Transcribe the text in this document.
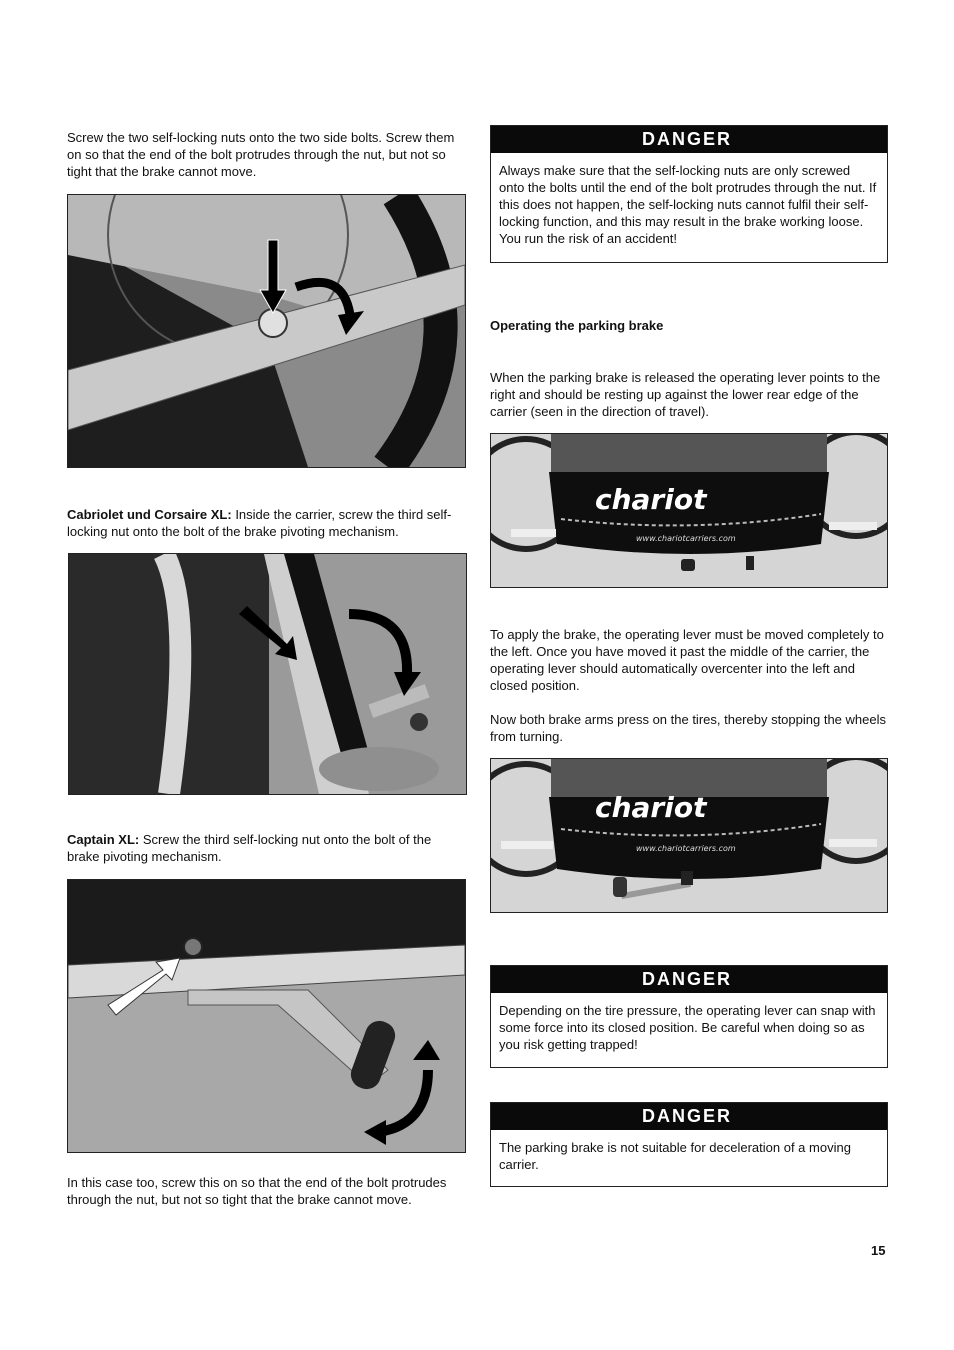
Screw the two self-locking nuts onto the two side bolts. Screw them on so that the end of the bolt protrudes through the nut, but not so tight that the brake cannot move.

Cabriolet und Corsaire XL: Inside the carrier, screw the third self-locking nut onto the bolt of the brake pivoting mechanism.

Captain XL: Screw the third self-locking nut onto the bolt of the brake pivoting mechanism.

In this case too, screw this on so that the end of the bolt protrudes through the nut, but not so tight that the brake cannot move.

DANGER
Always make sure that the self-locking nuts are only screwed onto the bolts until the end of the bolt protrudes through the nut. If this does not happen, the self-locking nuts cannot fulfil their self-locking function, and this may result in the brake working loose. You run the risk of an accident!

Operating the parking brake

When the parking brake is released the operating lever points to the right and should be resting up against the lower rear edge of the carrier (seen in the direction of travel).

chariot
www.chariotcarriers.com

To apply the brake, the operating lever must be moved completely to the left. Once you have moved it past the middle of the carrier, the operating lever should automatically overcenter into the left and closed position.

Now both brake arms press on the tires, thereby stopping the wheels from turning.

chariot
www.chariotcarriers.com
DANGER
Depending on the tire pressure, the operating lever can snap with some force into its closed position. Be careful when doing so as you risk getting trapped!
DANGER
The parking brake is not suitable for deceleration of a moving carrier.
15
